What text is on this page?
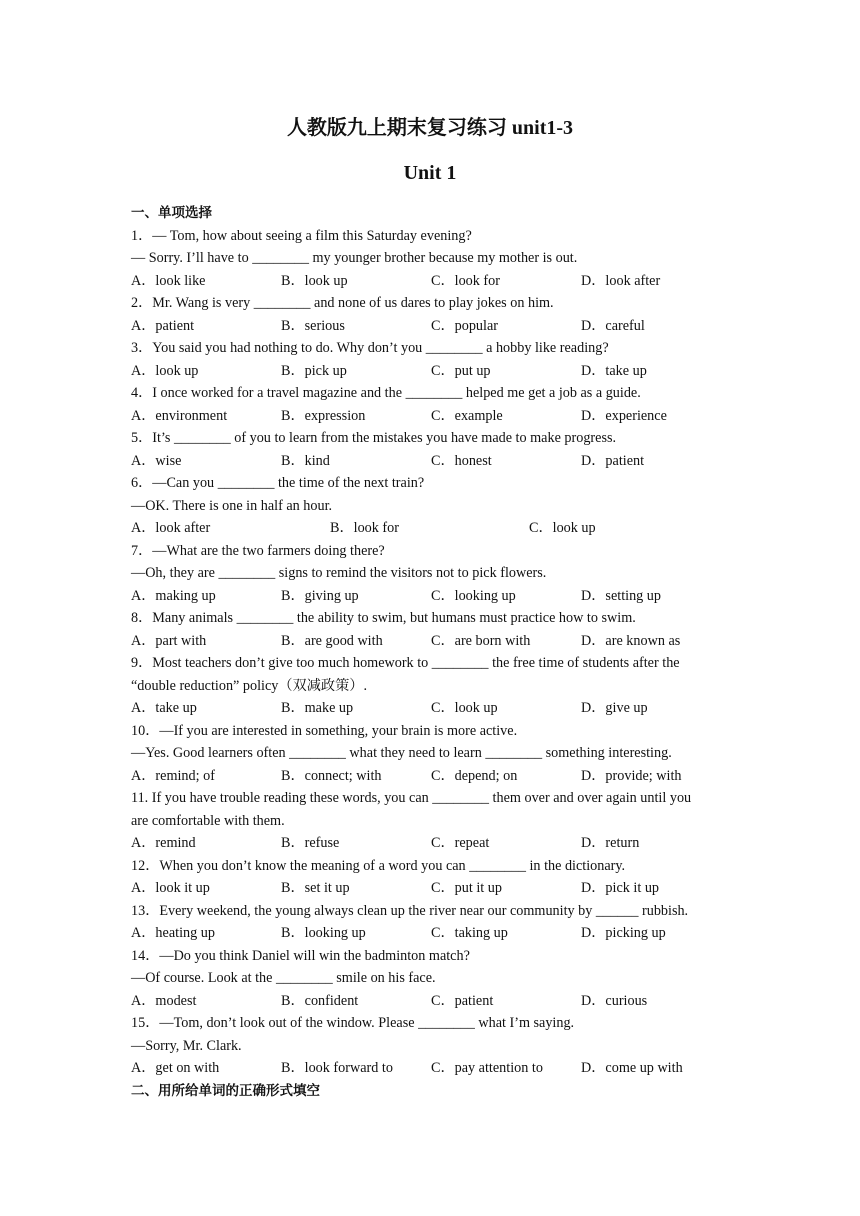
人教版九上期末复习练习 unit1-3
Unit 1
一、单项选择
1．— Tom, how about seeing a film this Saturday evening?
— Sorry. I’ll have to ________ my younger brother because my mother is out.
A．look like	B．look up	C．look for	D．look after
2．Mr. Wang is very ________ and none of us dares to play jokes on him.
A．patient	B．serious	C．popular	D．careful
3．You said you had nothing to do. Why don’t you ________ a hobby like reading?
A．look up	B．pick up	C．put up	D．take up
4．I once worked for a travel magazine and the ________ helped me get a job as a guide.
A．environment	B．expression	C．example	D．experience
5．It’s ________ of you to learn from the mistakes you have made to make progress.
A．wise	B．kind	C．honest	D．patient
6．—Can you ________ the time of the next train?
—OK. There is one in half an hour.
A．look after	B．look for	C．look up
7．—What are the two farmers doing there?
—Oh, they are ________ signs to remind the visitors not to pick flowers.
A．making up	B．giving up	C．looking up	D．setting up
8．Many animals ________ the ability to swim, but humans must practice how to swim.
A．part with	B．are good with	C．are born with	D．are known as
9．Most teachers don’t give too much homework to ________ the free time of students after the
“double reduction” policy（双减政策）.
A．take up	B．make up	C．look up	D．give up
10．—If you are interested in something, your brain is more active.
—Yes. Good learners often ________ what they need to learn ________ something interesting.
A．remind; of	B．connect; with	C．depend; on	D．provide; with
11. If you have trouble reading these words, you can ________ them over and over again until you
are comfortable with them.
A．remind	B．refuse	C．repeat	D．return
12．When you don’t know the meaning of a word you can ________ in the dictionary.
A．look it up	B．set it up	C．put it up	D．pick it up
13．Every weekend, the young always clean up the river near our community by ______ rubbish.
A．heating up	B．looking up	C．taking up	D．picking up
14．—Do you think Daniel will win the badminton match?
—Of course. Look at the ________ smile on his face.
A．modest	B．confident	C．patient	D．curious
15．—Tom, don’t look out of the window. Please ________ what I’m saying.
—Sorry, Mr. Clark.
A．get on with	B．look forward to	C．pay attention to	D．come up with
二、用所给单词的正确形式填空
